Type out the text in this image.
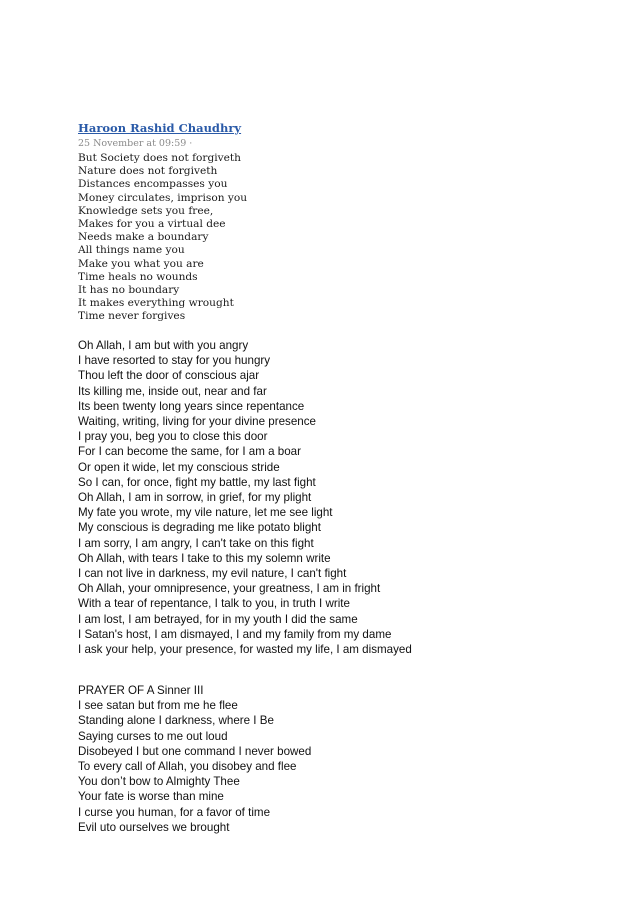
Haroon Rashid Chaudhry
25 November at 09:59 ·
But Society does not forgiveth
Nature does not forgiveth
Distances encompasses you
Money circulates, imprison you
Knowledge sets you free,
Makes for you a virtual dee
Needs make a boundary
All things name you
Make you what you are
Time heals no wounds
It has no boundary
It makes everything wrought
Time never forgives
Oh Allah, I am but with you angry
I have resorted to stay for you hungry
Thou left the door of conscious ajar
Its killing me, inside out, near and far
Its been twenty long years since repentance
Waiting, writing, living for your divine presence
I pray you, beg you to close this door
For I can become the same, for I am a boar
Or open it wide, let my conscious stride
So I can, for once, fight my battle, my last fight
Oh Allah, I am in sorrow, in grief, for my plight
My fate you wrote, my vile nature, let me see light
My conscious is degrading me like potato blight
I am sorry, I am angry, I can't take on this fight
Oh Allah, with tears I take to this my solemn write
I can not live in darkness, my evil nature, I can't fight
Oh Allah, your omnipresence, your greatness, I am in fright
With a tear of repentance, I talk to you, in truth I write
I am lost, I am betrayed, for in my youth I did the same
I Satan's host, I am dismayed, I and my family from my dame
I ask your help, your presence, for wasted my life, I am dismayed
PRAYER OF A Sinner III
I see satan but from me he flee
Standing alone I darkness, where I Be
Saying curses to me out loud
Disobeyed I but one command I never bowed
To every call of Allah, you disobey and flee
You don’t bow to Almighty Thee
Your fate is worse than mine
I curse you human, for a favor of time
Evil uto ourselves we brought
